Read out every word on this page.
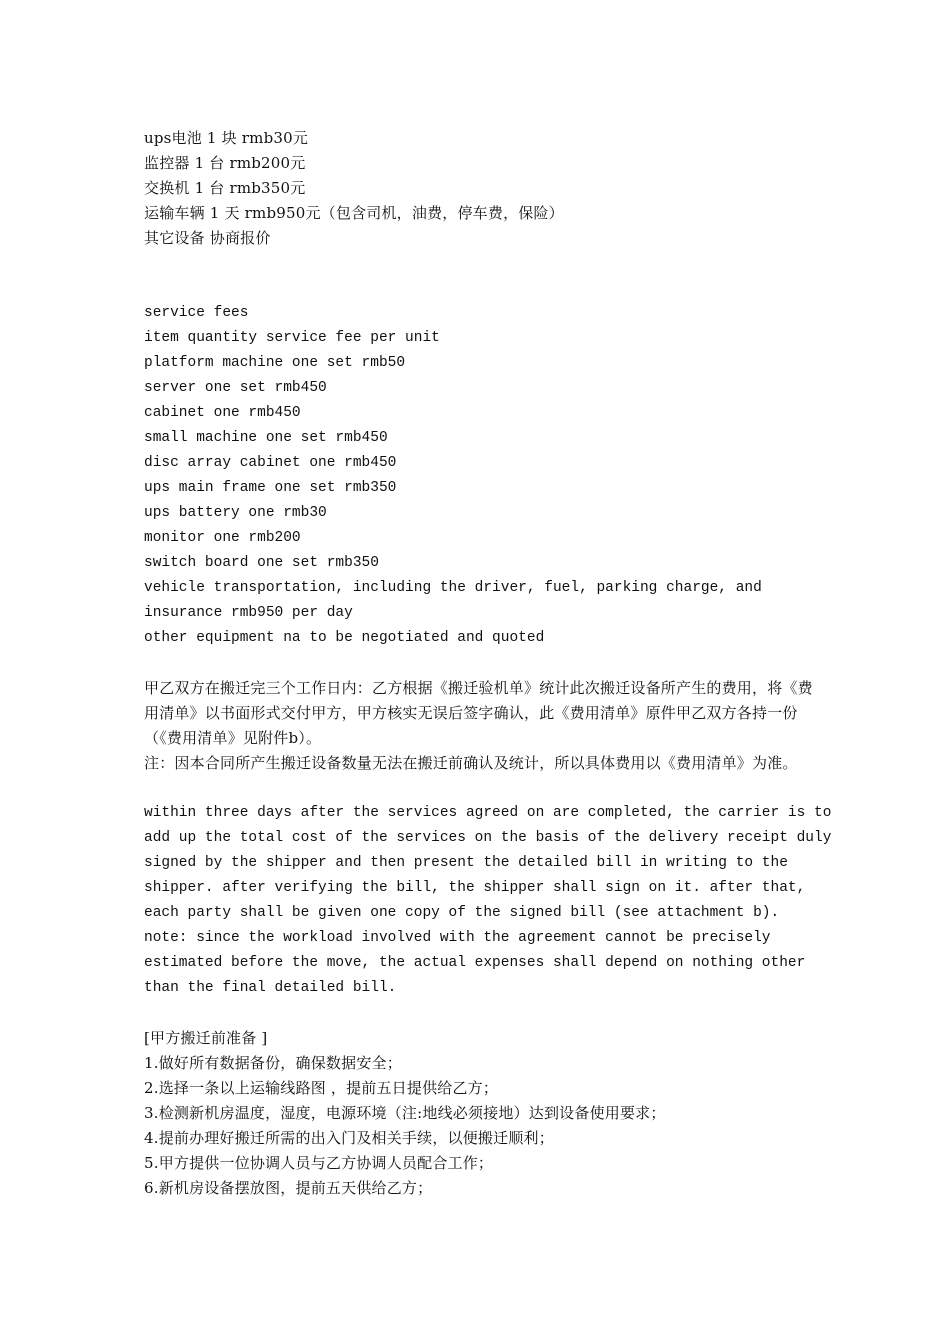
ups电池 1 块 rmb30元
监控器 1 台 rmb200元
交换机 1 台 rmb350元
运输车辆 1 天 rmb950元（包含司机，油费，停车费，保险）
其它设备 协商报价
service fees
item quantity service fee per unit
platform machine one set rmb50
server one set rmb450
cabinet one rmb450
small machine one set rmb450
disc array cabinet one rmb450
ups main frame one set rmb350
ups battery one rmb30
monitor one rmb200
switch board one set rmb350
vehicle transportation, including the driver, fuel, parking charge, and
insurance rmb950 per day
other equipment na to be negotiated and quoted
甲乙双方在搬迁完三个工作日内：乙方根据《搬迁验机单》统计此次搬迁设备所产生的费用，将《费用清单》以书面形式交付甲方，甲方核实无误后签字确认，此《费用清单》原件甲乙双方各持一份（《费用清单》见附件b）。
注：因本合同所产生搬迁设备数量无法在搬迁前确认及统计，所以具体费用以《费用清单》为准。
within three days after the services agreed on are completed, the carrier is to
add up the total cost of the services on the basis of the delivery receipt duly
signed by the shipper and then present the detailed bill in writing to the
shipper. after verifying the bill, the shipper shall sign on it. after that,
each party shall be given one copy of the signed bill (see attachment b).
note: since the workload involved with the agreement cannot be precisely
estimated before the move, the actual expenses shall depend on nothing other
than the final detailed bill.
[甲方搬迁前准备 ]
1.做好所有数据备份，确保数据安全；
2.选择一条以上运输线路图 ，提前五日提供给乙方；
3.检测新机房温度，湿度，电源环境（注:地线必须接地）达到设备使用要求；
4.提前办理好搬迁所需的出入门及相关手续，以便搬迁顺利；
5.甲方提供一位协调人员与乙方协调人员配合工作；
6.新机房设备摆放图，提前五天供给乙方；
